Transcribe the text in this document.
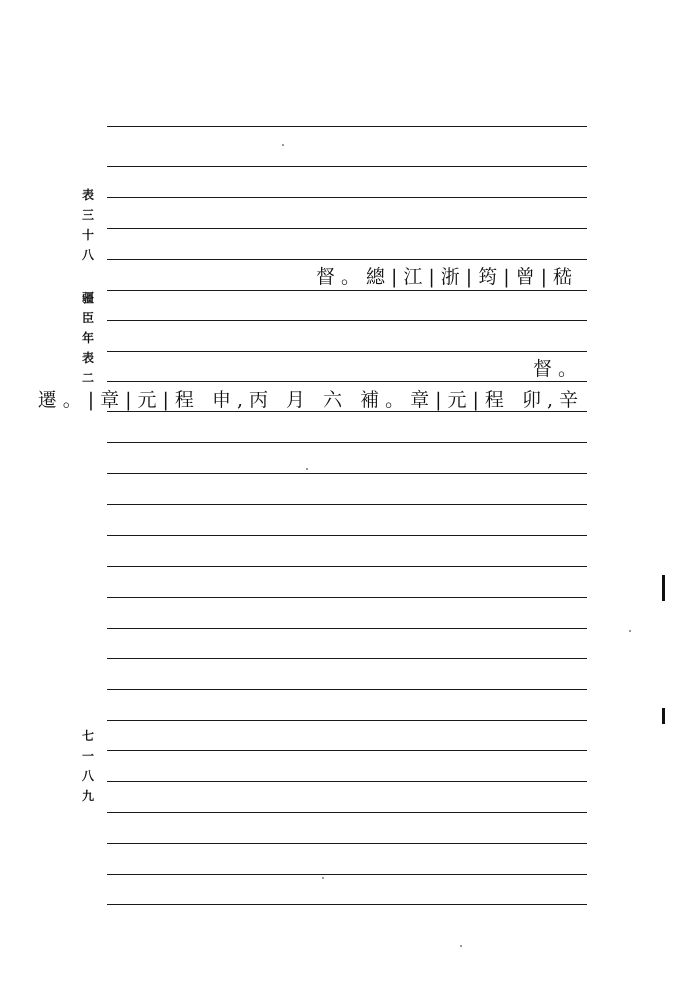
表三十八
疆臣年表二
七一八九
督。總|江|浙|筠|曾|嵇
督。
遷。|章|元|程 申,丙 月 六 補。章|元|程 卯,辛
